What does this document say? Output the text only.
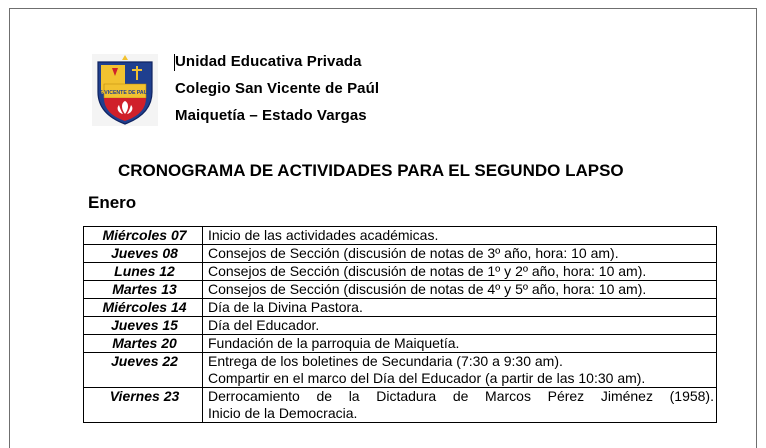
S.VICENTE DE PAUL
Unidad Educativa Privada
Colegio San Vicente de Paúl
Maiquetía – Estado Vargas
CRONOGRAMA DE ACTIVIDADES PARA EL SEGUNDO LAPSO
Enero
Miércoles 07	Inicio de las actividades académicas.

Jueves 08	Consejos de Sección (discusión de notas de 3º año, hora: 10 am).

Lunes 12	Consejos de Sección (discusión de notas de 1º y 2º año, hora: 10 am).

Martes 13	Consejos de Sección (discusión de notas de 4º y 5º año, hora: 10 am).

Miércoles 14	Día de la Divina Pastora.

Jueves 15	Día del Educador.

Martes 20	Fundación de la parroquia de Maiquetía.

Jueves 22	Entrega de los boletines de Secundaria (7:30 a 9:30 am).
Compartir en el marco del Día del Educador (a partir de las 10:30 am).

Viernes 23	Derrocamiento de la Dictadura de Marcos Pérez Jiménez (1958).
Inicio de la Democracia.
